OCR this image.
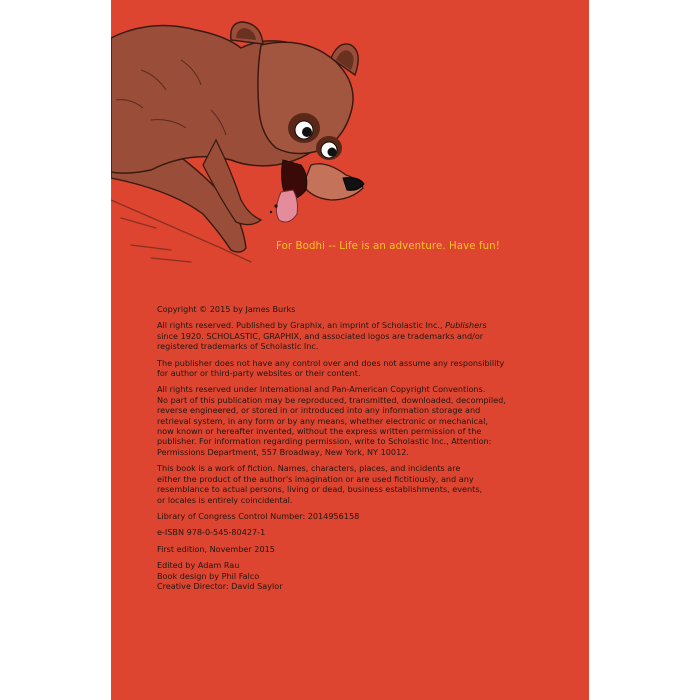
For Bodhi -- Life is an adventure. Have fun!

Copyright © 2015 by James Burks

All rights reserved. Published by Graphix, an imprint of Scholastic Inc., Publishers
since 1920. SCHOLASTIC, GRAPHIX, and associated logos are trademarks and/or
registered trademarks of Scholastic Inc.

The publisher does not have any control over and does not assume any responsibility
for author or third-party websites or their content.

All rights reserved under International and Pan-American Copyright Conventions.
No part of this publication may be reproduced, transmitted, downloaded, decompiled,
reverse engineered, or stored in or introduced into any information storage and
retrieval system, in any form or by any means, whether electronic or mechanical,
now known or hereafter invented, without the express written permission of the
publisher. For information regarding permission, write to Scholastic Inc., Attention:
Permissions Department, 557 Broadway, New York, NY 10012.

This book is a work of fiction. Names, characters, places, and incidents are
either the product of the author's imagination or are used fictitiously, and any
resemblance to actual persons, living or dead, business establishments, events,
or locales is entirely coincidental.

Library of Congress Control Number: 2014956158

e-ISBN 978-0-545-80427-1

First edition, November 2015

Edited by Adam Rau
Book design by Phil Falco
Creative Director: David Saylor
